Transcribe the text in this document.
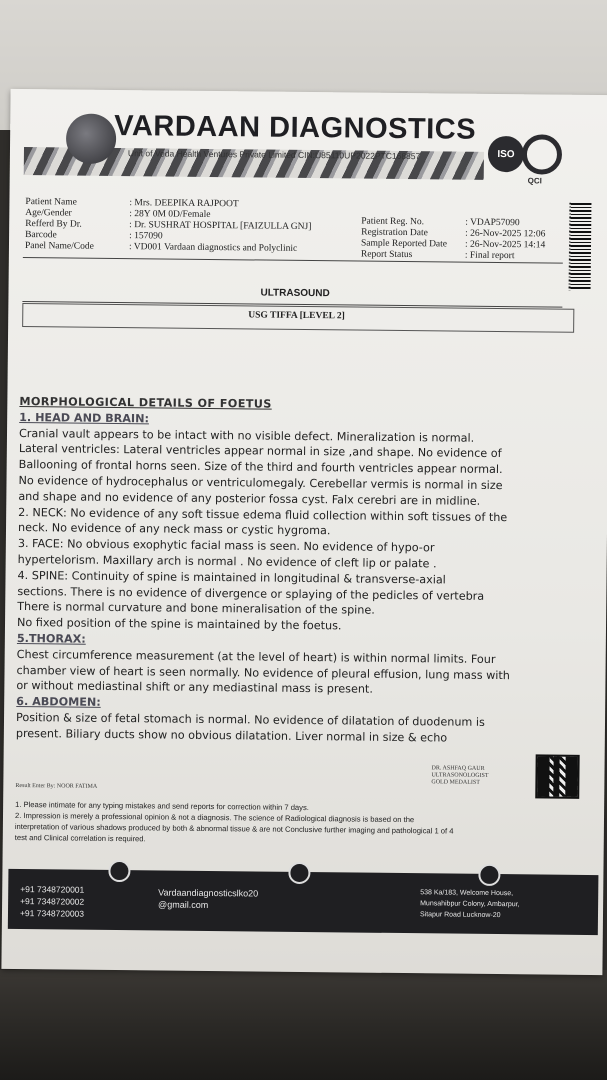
VARDAAN DIAGNOSTICS
Unit of Veda Health Ventures Private Limited CIN:U85110UP2022PTC168857	ISO
QCI
Patient Name
Age/Gender
Refferd By Dr.
Barcode
Panel Name/Code
: Mrs. DEEPIKA RAJPOOT
: 28Y 0M 0D/Female
: Dr. SUSHRAT HOSPITAL [FAIZULLA GNJ]
: 157090
: VD001 Vardaan diagnostics and Polyclinic
Patient Reg. No.
Registration Date
Sample Reported Date
Report Status
: VDAP57090
: 26-Nov-2025 12:06
: 26-Nov-2025 14:14
: Final report
ULTRASOUND
USG TIFFA [LEVEL 2]
MORPHOLOGICAL DETAILS OF FOETUS
1. HEAD AND BRAIN:
Cranial vault appears to be intact with no visible defect. Mineralization is normal.
Lateral ventricles: Lateral ventricles appear normal in size ,and shape. No evidence of
Ballooning of frontal horns seen. Size of the third and fourth ventricles appear normal.
No evidence of hydrocephalus or ventriculomegaly. Cerebellar vermis is normal in size
and shape and no evidence of any posterior fossa cyst. Falx cerebri are in midline.
2. NECK: No evidence of any soft tissue edema fluid collection within soft tissues of the
neck. No evidence of any neck mass or cystic hygroma.
3. FACE: No obvious exophytic facial mass is seen. No evidence of hypo-or
hypertelorism. Maxillary arch is normal . No evidence of cleft lip or palate .
4. SPINE: Continuity of spine is maintained in longitudinal & transverse-axial
sections. There is no evidence of divergence or splaying of the pedicles of vertebra
There is normal curvature and bone mineralisation of the spine.
No fixed position of the spine is maintained by the foetus.
5.THORAX:
Chest circumference measurement (at the level of heart) is within normal limits. Four
chamber view of heart is seen normally. No evidence of pleural effusion, lung mass with
or without mediastinal shift or any mediastinal mass is present.
6. ABDOMEN:
Position & size of fetal stomach is normal. No evidence of dilatation of duodenum is
present. Biliary ducts show no obvious dilatation. Liver normal in size & echo
DR. ASHFAQ GAUR
ULTRASONOLOGIST
GOLD MEDALIST
Result Enter By: NOOR FATIMA
1. Please intimate for any typing mistakes and send reports for correction within 7 days.
2. Impression is merely a professional opinion & not a diagnosis. The science of Radiological diagnosis is based on the
interpretation of various shadows produced by both & abnormal tissue & are not Conclusive further imaging and pathological 1 of 4
test and Clinical correlation is required.
+91 7348720001
+91 7348720002
+91 7348720003
Vardaandiagnosticslko20
@gmail.com
538 Ka/183, Welcome House,
Munsahibpur Colony, Ambarpur,
Sitapur Road Lucknow-20
